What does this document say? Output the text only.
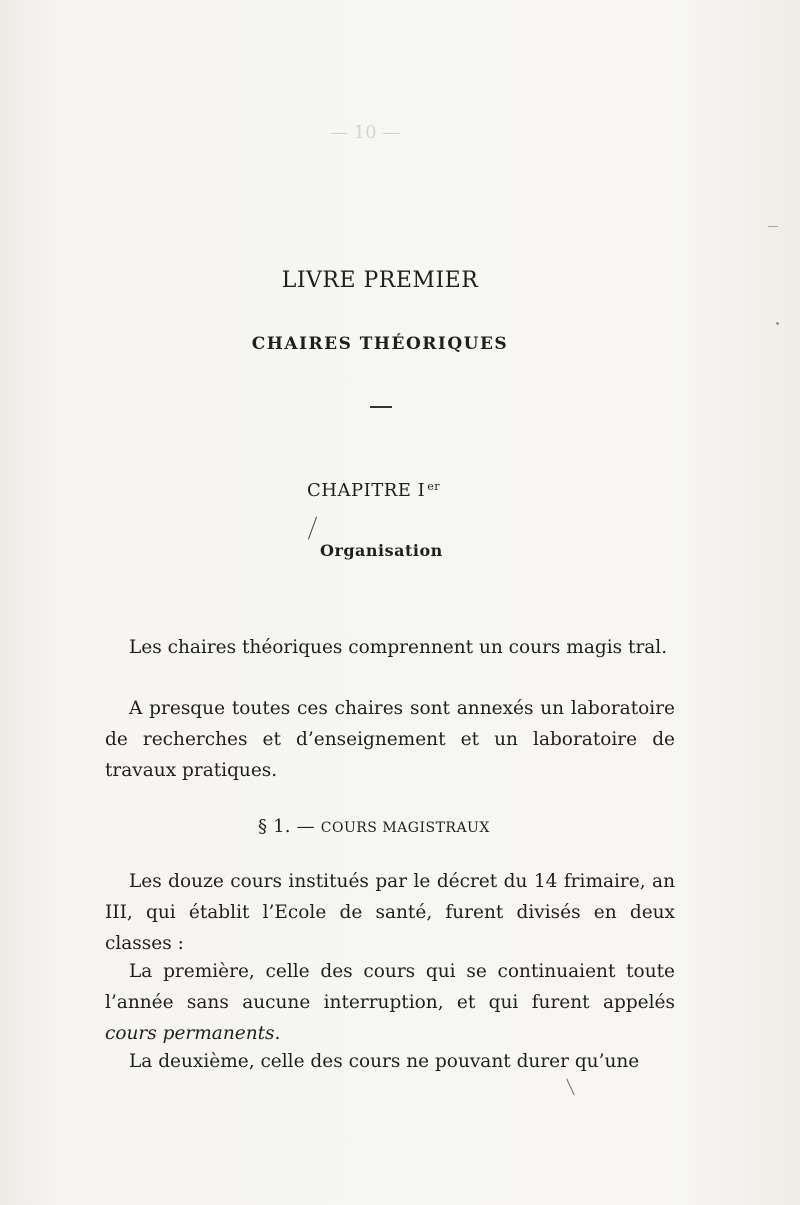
— 10 —
LIVRE PREMIER
CHAIRES THÉORIQUES
CHAPITRE I $^{er}$
Organisation
Les chaires théoriques comprennent un cours magis tral.
A presque toutes ces chaires sont annexés un laboratoire de recherches et d’enseignement et un laboratoire de travaux pratiques.
§ 1. — COURS MAGISTRAUX
Les douze cours institués par le décret du 14 frimaire, an III, qui établit l’Ecole de santé, furent divisés en deux classes :
La première, celle des cours qui se continuaient toute l’année sans aucune interruption, et qui furent appelés cours permanents.
La deuxième, celle des cours ne pouvant durer qu’une
